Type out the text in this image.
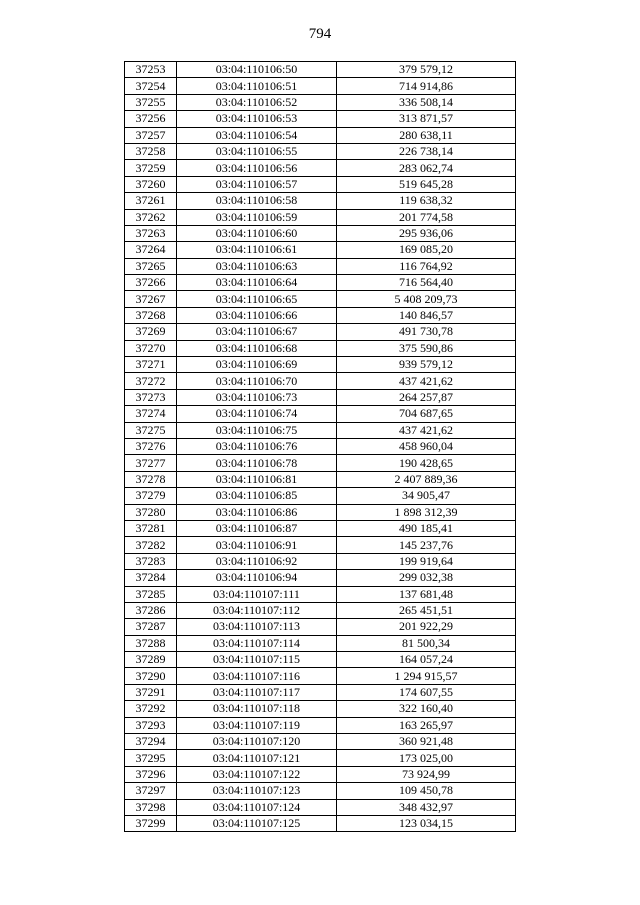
794
37253	03:04:110106:50	379 579,12
37254	03:04:110106:51	714 914,86
37255	03:04:110106:52	336 508,14
37256	03:04:110106:53	313 871,57
37257	03:04:110106:54	280 638,11
37258	03:04:110106:55	226 738,14
37259	03:04:110106:56	283 062,74
37260	03:04:110106:57	519 645,28
37261	03:04:110106:58	119 638,32
37262	03:04:110106:59	201 774,58
37263	03:04:110106:60	295 936,06
37264	03:04:110106:61	169 085,20
37265	03:04:110106:63	116 764,92
37266	03:04:110106:64	716 564,40
37267	03:04:110106:65	5 408 209,73
37268	03:04:110106:66	140 846,57
37269	03:04:110106:67	491 730,78
37270	03:04:110106:68	375 590,86
37271	03:04:110106:69	939 579,12
37272	03:04:110106:70	437 421,62
37273	03:04:110106:73	264 257,87
37274	03:04:110106:74	704 687,65
37275	03:04:110106:75	437 421,62
37276	03:04:110106:76	458 960,04
37277	03:04:110106:78	190 428,65
37278	03:04:110106:81	2 407 889,36
37279	03:04:110106:85	34 905,47
37280	03:04:110106:86	1 898 312,39
37281	03:04:110106:87	490 185,41
37282	03:04:110106:91	145 237,76
37283	03:04:110106:92	199 919,64
37284	03:04:110106:94	299 032,38
37285	03:04:110107:111	137 681,48
37286	03:04:110107:112	265 451,51
37287	03:04:110107:113	201 922,29
37288	03:04:110107:114	81 500,34
37289	03:04:110107:115	164 057,24
37290	03:04:110107:116	1 294 915,57
37291	03:04:110107:117	174 607,55
37292	03:04:110107:118	322 160,40
37293	03:04:110107:119	163 265,97
37294	03:04:110107:120	360 921,48
37295	03:04:110107:121	173 025,00
37296	03:04:110107:122	73 924,99
37297	03:04:110107:123	109 450,78
37298	03:04:110107:124	348 432,97
37299	03:04:110107:125	123 034,15
